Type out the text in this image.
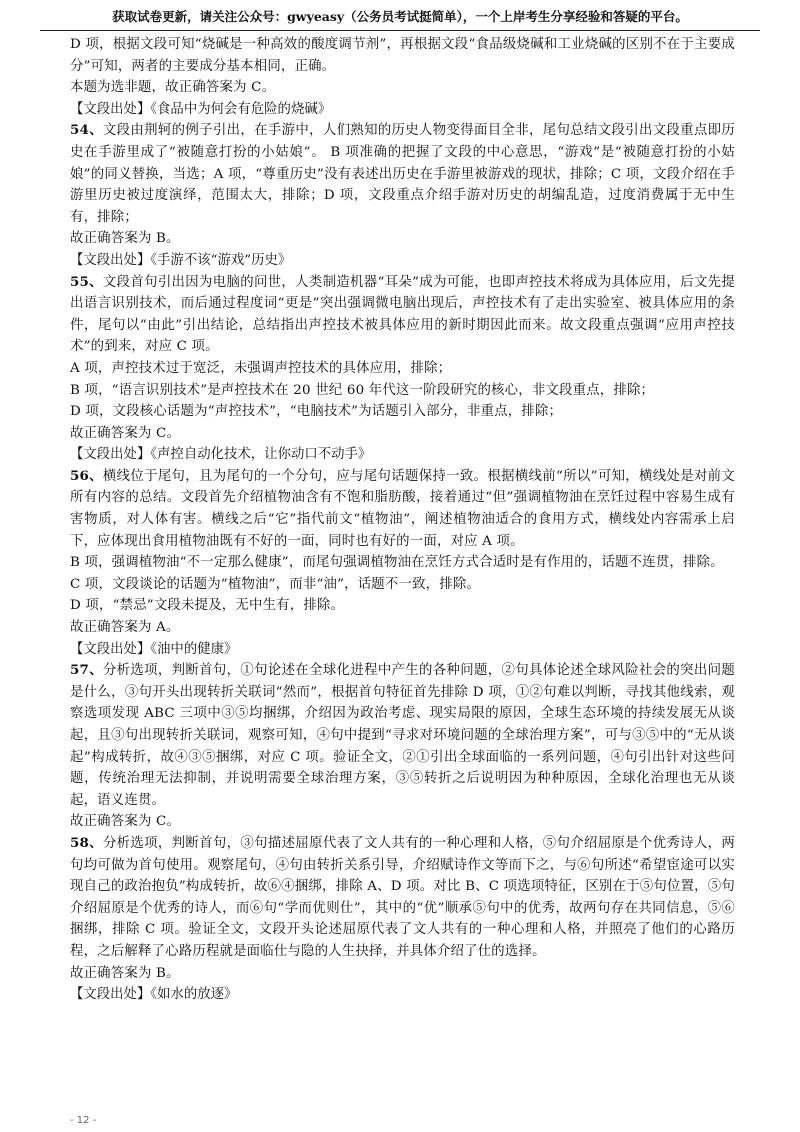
获取试卷更新，请关注公众号：gwyeasy（公务员考试挺简单），一个上岸考生分享经验和答疑的平台。

D 项，根据文段可知“烧碱是一种高效的酸度调节剂”，再根据文段“食品级烧碱和工业烧碱的区别不在于主要成分”可知，两者的主要成分基本相同，正确。

本题为选非题，故正确答案为 C。

【文段出处】《食品中为何会有危险的烧碱》

54、文段由荆轲的例子引出，在手游中，人们熟知的历史人物变得面目全非，尾句总结文段引出文段重点即历史在手游里成了“被随意打扮的小姑娘”。 B 项准确的把握了文段的中心意思，“游戏”是“被随意打扮的小姑娘”的同义替换，当选；A 项，“尊重历史”没有表述出历史在手游里被游戏的现状，排除；C 项，文段介绍在手游里历史被过度演绎，范围太大，排除；D 项，文段重点介绍手游对历史的胡编乱造，过度消费属于无中生有，排除；

故正确答案为 B。

【文段出处】《手游不该“游戏”历史》

55、文段首句引出因为电脑的问世，人类制造机器“耳朵”成为可能，也即声控技术将成为具体应用，后文先提出语言识别技术，而后通过程度词“更是”突出强调微电脑出现后，声控技术有了走出实验室、被具体应用的条件，尾句以“由此”引出结论，总结指出声控技术被具体应用的新时期因此而来。故文段重点强调“应用声控技术”的到来，对应 C 项。

A 项，声控技术过于宽泛，未强调声控技术的具体应用，排除；

B 项，“语言识别技术”是声控技术在 20 世纪 60 年代这一阶段研究的核心，非文段重点，排除；

D 项，文段核心话题为“声控技术”，“电脑技术”为话题引入部分，非重点，排除；

故正确答案为 C。

【文段出处】《声控自动化技术，让你动口不动手》

56、横线位于尾句，且为尾句的一个分句，应与尾句话题保持一致。根据横线前“所以”可知，横线处是对前文所有内容的总结。文段首先介绍植物油含有不饱和脂肪酸，接着通过“但”强调植物油在烹饪过程中容易生成有害物质，对人体有害。横线之后“它”指代前文“植物油”，阐述植物油适合的食用方式，横线处内容需承上启下，应体现出食用植物油既有不好的一面，同时也有好的一面，对应 A 项。

B 项，强调植物油“不一定那么健康”，而尾句强调植物油在烹饪方式合适时是有作用的，话题不连贯，排除。

C 项，文段谈论的话题为“植物油”，而非“油”，话题不一致，排除。

D 项，“禁忌”文段未提及，无中生有，排除。

故正确答案为 A。

【文段出处】《油中的健康》

57、分析选项，判断首句，①句论述在全球化进程中产生的各种问题，②句具体论述全球风险社会的突出问题是什么，③句开头出现转折关联词“然而”，根据首句特征首先排除 D 项，①②句难以判断，寻找其他线索，观察选项发现 ABC 三项中③⑤均捆绑，介绍因为政治考虑、现实局限的原因，全球生态环境的持续发展无从谈起，且③句出现转折关联词，观察可知，④句中提到“寻求对环境问题的全球治理方案”，可与③⑤中的“无从谈起”构成转折，故④③⑤捆绑，对应 C 项。验证全文，②①引出全球面临的一系列问题，④句引出针对这些问题，传统治理无法抑制，并说明需要全球治理方案，③⑤转折之后说明因为种种原因，全球化治理也无从谈起，语义连贯。

故正确答案为 C。

58、分析选项，判断首句，③句描述屈原代表了文人共有的一种心理和人格，⑤句介绍屈原是个优秀诗人，两句均可做为首句使用。观察尾句，④句由转折关系引导，介绍赋诗作文等而下之，与⑥句所述“希望宦途可以实现自己的政治抱负”构成转折，故⑥④捆绑，排除 A、D 项。对比 B、C 项选项特征，区别在于⑤句位置，⑤句介绍屈原是个优秀的诗人，而⑥句“学而优则仕”，其中的“优”顺承⑤句中的优秀，故两句存在共同信息，⑤⑥捆绑，排除 C 项。验证全文，文段开头论述屈原代表了文人共有的一种心理和人格，并照亮了他们的心路历程，之后解释了心路历程就是面临仕与隐的人生抉择，并具体介绍了仕的选择。

故正确答案为 B。

【文段出处】《如水的放逐》

- 12 -
